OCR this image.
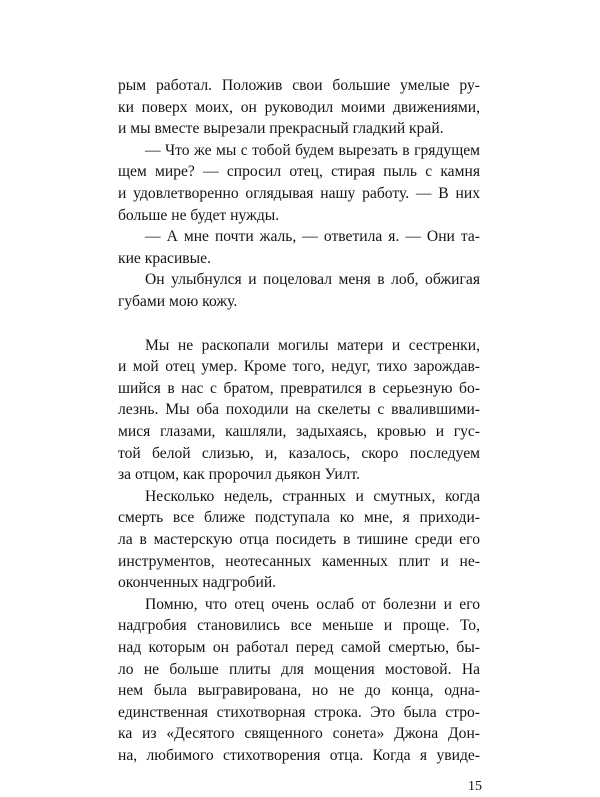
рым работал. Положив свои большие умелые ру-
ки поверх моих, он руководил моими движениями,
и мы вместе вырезали прекрасный гладкий край.
— Что же мы с тобой будем вырезать в грядущем
щем мире? — спросил отец, стирая пыль с камня
и удовлетворенно оглядывая нашу работу. — В них
больше не будет нужды.
— А мне почти жаль, — ответила я. — Они та-
кие красивые.
Он улыбнулся и поцеловал меня в лоб, обжигая
губами мою кожу.
Мы не раскопали могилы матери и сестренки,
и мой отец умер. Кроме того, недуг, тихо зарождав-
шийся в нас с братом, превратился в серьезную бо-
лезнь. Мы оба походили на скелеты с ввалившими-
мися глазами, кашляли, задыхаясь, кровью и гус-
той белой слизью, и, казалось, скоро последуем
за отцом, как пророчил дьякон Уилт.
Несколько недель, странных и смутных, когда
смерть все ближе подступала ко мне, я приходи-
ла в мастерскую отца посидеть в тишине среди его
инструментов, неотесанных каменных плит и не-
оконченных надгробий.
Помню, что отец очень ослаб от болезни и его
надгробия становились все меньше и проще. То,
над которым он работал перед самой смертью, бы-
ло не больше плиты для мощения мостовой. На
нем была выгравирована, но не до конца, одна-
единственная стихотворная строка. Это была стро-
ка из «Десятого священного сонета» Джона Дон-
на, любимого стихотворения отца. Когда я увиде-
15
